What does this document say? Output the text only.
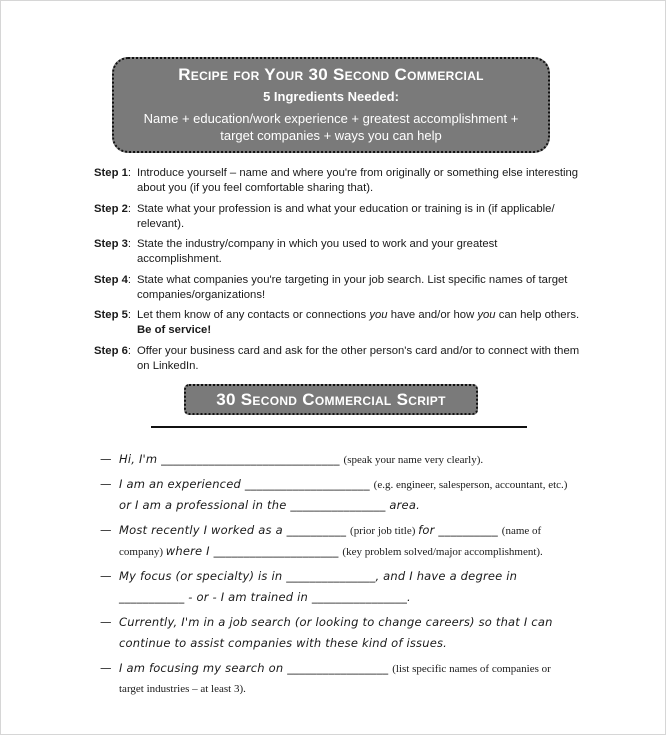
Recipe for Your 30 Second Commercial
5 Ingredients Needed:
Name + education/work experience + greatest accomplishment +
target companies + ways you can help
Step 1: Introduce yourself – name and where you're from originally or something else interesting about you (if you feel comfortable sharing that).
Step 2: State what your profession is and what your education or training is in (if applicable/ relevant).
Step 3: State the industry/company in which you used to work and your greatest accomplishment.
Step 4: State what companies you're targeting in your job search. List specific names of target companies/organizations!
Step 5: Let them know of any contacts or connections you have and/or how you can help others. Be of service!
Step 6: Offer your business card and ask for the other person's card and/or to connect with them on LinkedIn.
30 Second Commercial Script
— Hi, I'm ______________________________ (speak your name very clearly).
— I am an experienced _____________________ (e.g. engineer, salesperson, accountant, etc.) or I am a professional in the ________________ area.
— Most recently I worked as a __________ (prior job title) for __________ (name of company) where I _____________________ (key problem solved/major accomplishment).
— My focus (or specialty) is in _______________, and I have a degree in ___________ - or - I am trained in ________________.
— Currently, I'm in a job search (or looking to change careers) so that I can continue to assist companies with these kind of issues.
— I am focusing my search on _________________ (list specific names of companies or target industries – at least 3).
